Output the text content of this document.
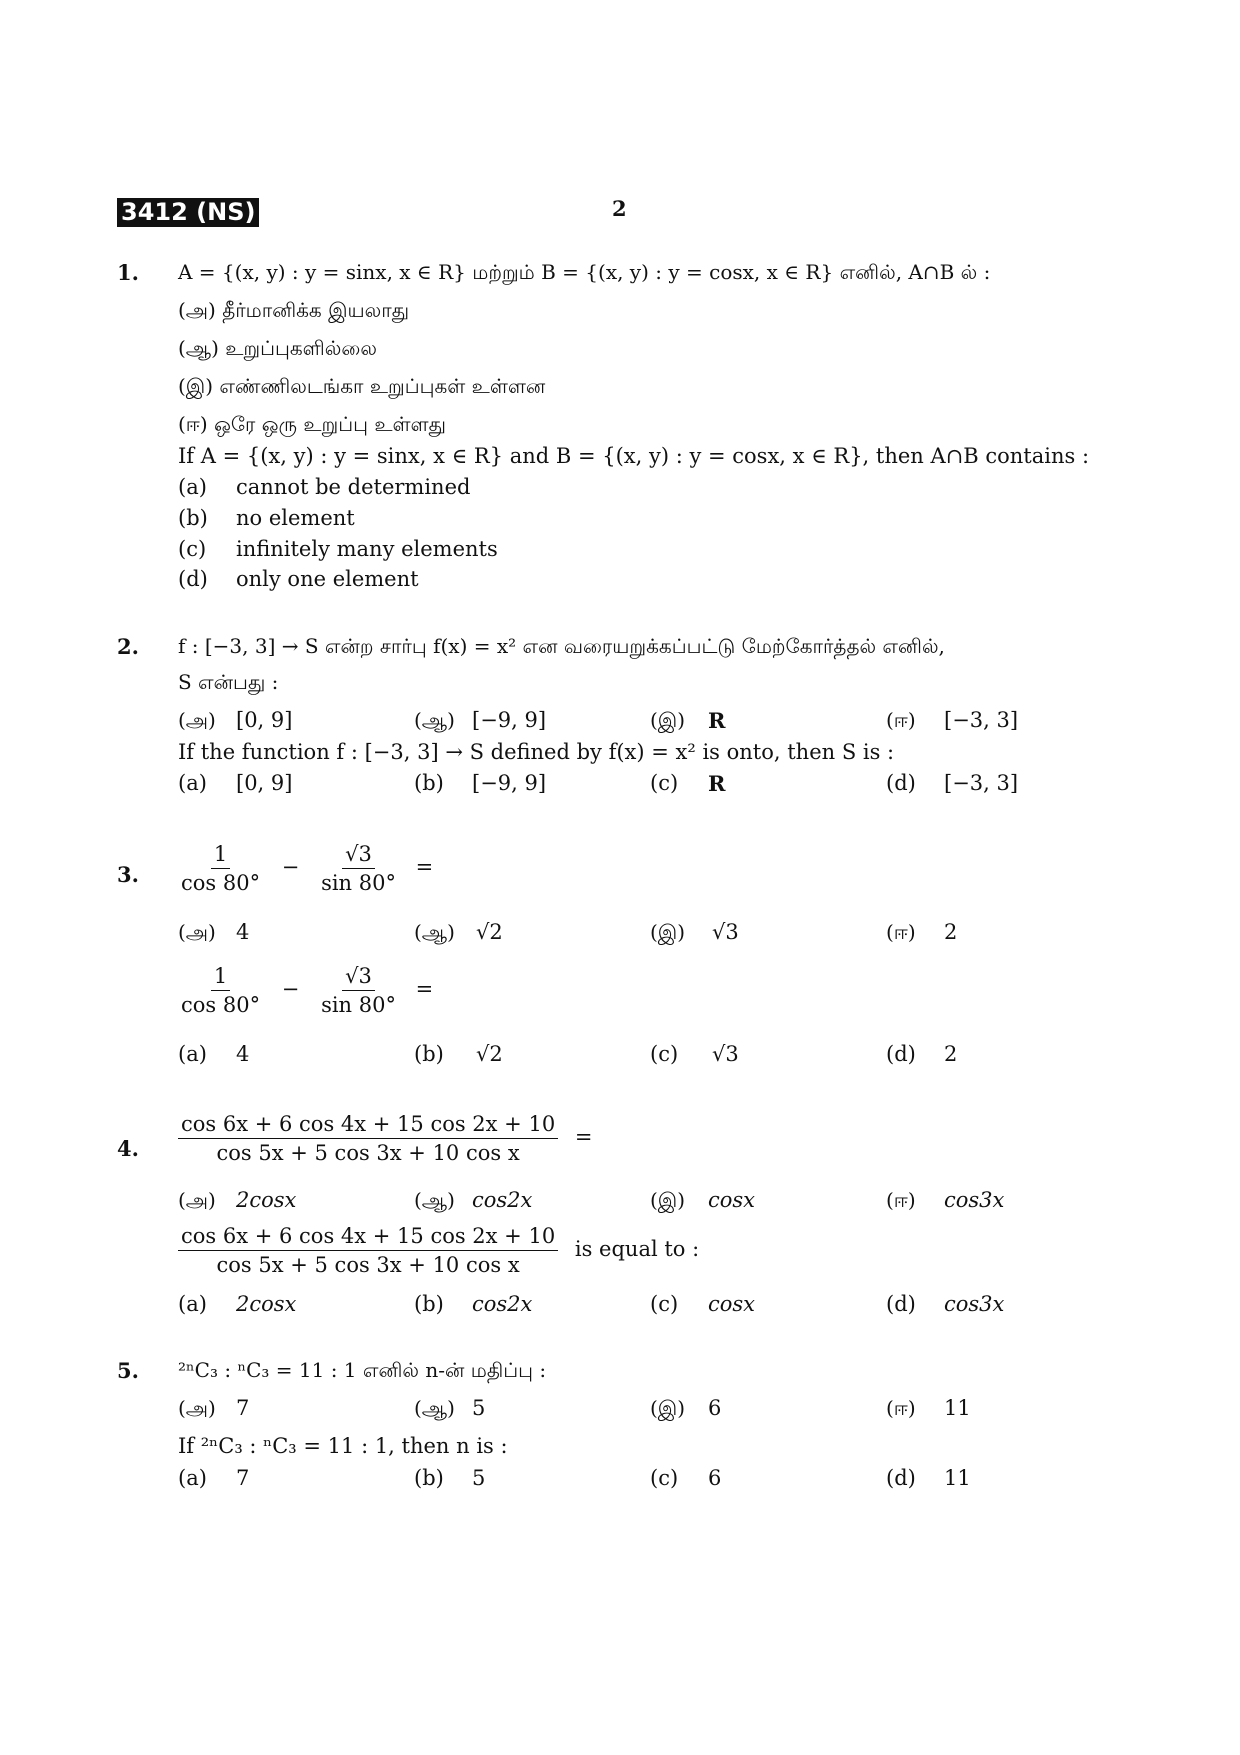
3412 (NS)	2
1. A = {(x, y) : y = sinx, x ∈ R} மற்றும் B = {(x, y) : y = cosx, x ∈ R} எனில், A∩B ல் :
(அ) தீர்மானிக்க இயலாது
(ஆ) உறுப்புகளில்லை
(இ) எண்ணிலடங்கா உறுப்புகள் உள்ளன
(ஈ) ஒரே ஒரு உறுப்பு உள்ளது
If A = {(x, y) : y = sinx, x ∈ R} and B = {(x, y) : y = cosx, x ∈ R}, then A∩B contains :
(a) cannot be determined
(b) no element
(c) infinitely many elements
(d) only one element
2. f : [−3, 3] → S என்ற சார்பு f(x) = x² என வரையறுக்கப்பட்டு மேற்கோர்த்தல் எனில்,
S என்பது :
(அ) [0, 9]	(ஆ) [−9, 9]	(இ) R	(ஈ) [−3, 3]
If the function f : [−3, 3] → S defined by f(x) = x² is onto, then S is :
(a) [0, 9]	(b) [−9, 9]	(c) R	(d) [−3, 3]
3. $\frac{1}{\cos 80^\circ} - \frac{√3}{\sin 80^\circ}$ =
(அ) 4	(ஆ) √2	(இ) √3	(ஈ) 2
$\frac{1}{\cos 80^\circ} - \frac{√3}{\sin 80^\circ}$ =
(a) 4	(b) √2	(c) √3	(d) 2
4. $\frac{\cos 6x + 6 \cos 4x + 15 \cos 2x + 10}{\text{cos 5x + 5 cos 3x + 10 cos x}}$ =
(அ) 2cosx	(ஆ) cos2x	(இ) cosx	(ஈ) cos3x
$\frac{\cos 6x + 6 \cos 4x + 15 \cos 2x + 10}{\text{cos 5x + 5 cos 3x + 10 cos x}}$ is equal to :
(a) 2cosx	(b) cos2x	(c) cosx	(d) cos3x
5. ²ⁿC₃ : ⁿC₃ = 11 : 1 எனில் n-ன் மதிப்பு :
(அ) 7	(ஆ) 5	(இ) 6	(ஈ) 11
If ²ⁿC₃ : ⁿC₃ = 11 : 1, then n is :
(a) 7	(b) 5	(c) 6	(d) 11
